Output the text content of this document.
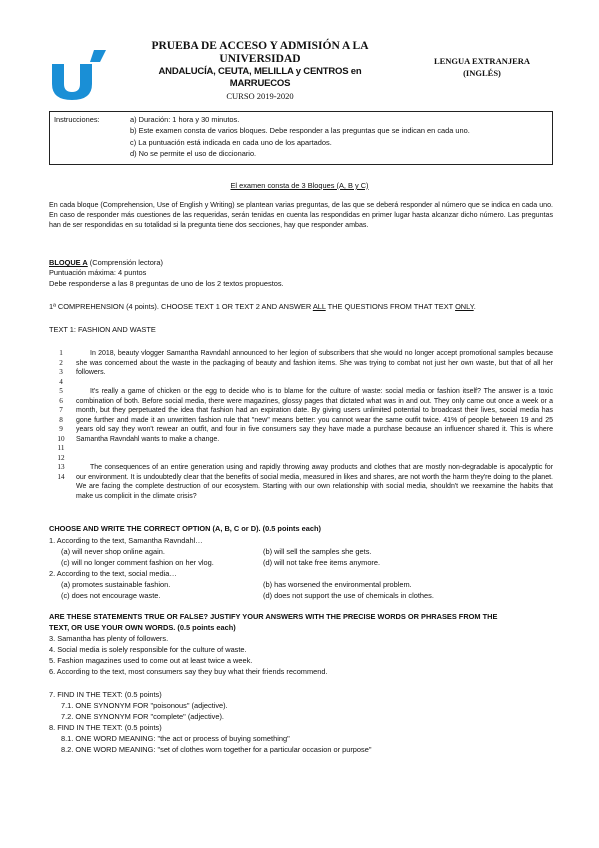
PRUEBA DE ACCESO Y ADMISIÓN A LA
UNIVERSIDAD
ANDALUCÍA, CEUTA, MELILLA y CENTROS en MARRUECOS
CURSO 2019-2020
LENGUA EXTRANJERA
(INGLÉS)
Instrucciones:	a) Duración: 1 hora y 30 minutos.
b) Este examen consta de varios bloques. Debe responder a las preguntas que se indican en cada uno.
c) La puntuación está indicada en cada uno de los apartados.
d) No se permite el uso de diccionario.
El examen consta de 3 Bloques (A, B y C)
En cada bloque (Comprehension, Use of English y Writing) se plantean varias preguntas, de las que se deberá responder al número que se indica en cada uno. En caso de responder más cuestiones de las requeridas, serán tenidas en cuenta las respondidas en primer lugar hasta alcanzar dicho número. Las preguntas han de ser respondidas en su totalidad si la pregunta tiene dos secciones, hay que responder ambas.
BLOQUE A (Comprensión lectora)
Puntuación máxima: 4 puntos
Debe responderse a las 8 preguntas de uno de los 2 textos propuestos.
1ª COMPREHENSION (4 points). CHOOSE TEXT 1 OR TEXT 2 AND ANSWER ALL THE QUESTIONS FROM THAT TEXT ONLY.
TEXT 1: FASHION AND WASTE
1
2
3
4
5
6
7
8
9
10
11
12
13
14
In 2018, beauty vlogger Samantha Ravndahl announced to her legion of subscribers that she would no longer accept promotional samples because she was concerned about the waste in the packaging of beauty and fashion items. She was trying to combat not just her own waste, but that of all her followers.
It's really a game of chicken or the egg to decide who is to blame for the culture of waste: social media or fashion itself? The answer is a toxic combination of both. Before social media, there were magazines, glossy pages that dictated what was in and out. They only came out once a week or a month, but they perpetuated the idea that fashion had an expiration date. By giving users unlimited potential to broadcast their lives, social media has gone further and made it an unwritten fashion rule that "new" means better: you cannot wear the same outfit twice. 41% of people between 19 and 25 years old say they won't rewear an outfit, and four in five consumers say they have made a purchase because an influencer shared it. This is where Samantha Ravndahl wants to make a change.
The consequences of an entire generation using and rapidly throwing away products and clothes that are mostly non-degradable is apocalyptic for our environment. It is undoubtedly clear that the benefits of social media, measured in likes and shares, are not worth the harm they're doing to the planet. We are facing the complete destruction of our ecosystem. Starting with our own relationship with social media, shouldn't we reexamine the habits that make us complicit in the climate crisis?
CHOOSE AND WRITE THE CORRECT OPTION (A, B, C or D). (0.5 points each)
1. According to the text, Samantha Ravndahl…
(a) will never shop online again.	(b) will sell the samples she gets.
(c) will no longer comment fashion on her vlog.	(d) will not take free items anymore.
2. According to the text, social media…
(a) promotes sustainable fashion.	(b) has worsened the environmental problem.
(c) does not encourage waste.	(d) does not support the use of chemicals in clothes.
ARE THESE STATEMENTS TRUE OR FALSE? JUSTIFY YOUR ANSWERS WITH THE PRECISE WORDS OR PHRASES FROM THE
TEXT, OR USE YOUR OWN WORDS. (0.5 points each)
3. Samantha has plenty of followers.
4. Social media is solely responsible for the culture of waste.
5. Fashion magazines used to come out at least twice a week.
6. According to the text, most consumers say they buy what their friends recommend.
7. FIND IN THE TEXT: (0.5 points)
7.1. ONE SYNONYM FOR "poisonous" (adjective).
7.2. ONE SYNONYM FOR "complete" (adjective).
8. FIND IN THE TEXT: (0.5 points)
8.1. ONE WORD MEANING: "the act or process of buying something"
8.2. ONE WORD MEANING: "set of clothes worn together for a particular occasion or purpose"
